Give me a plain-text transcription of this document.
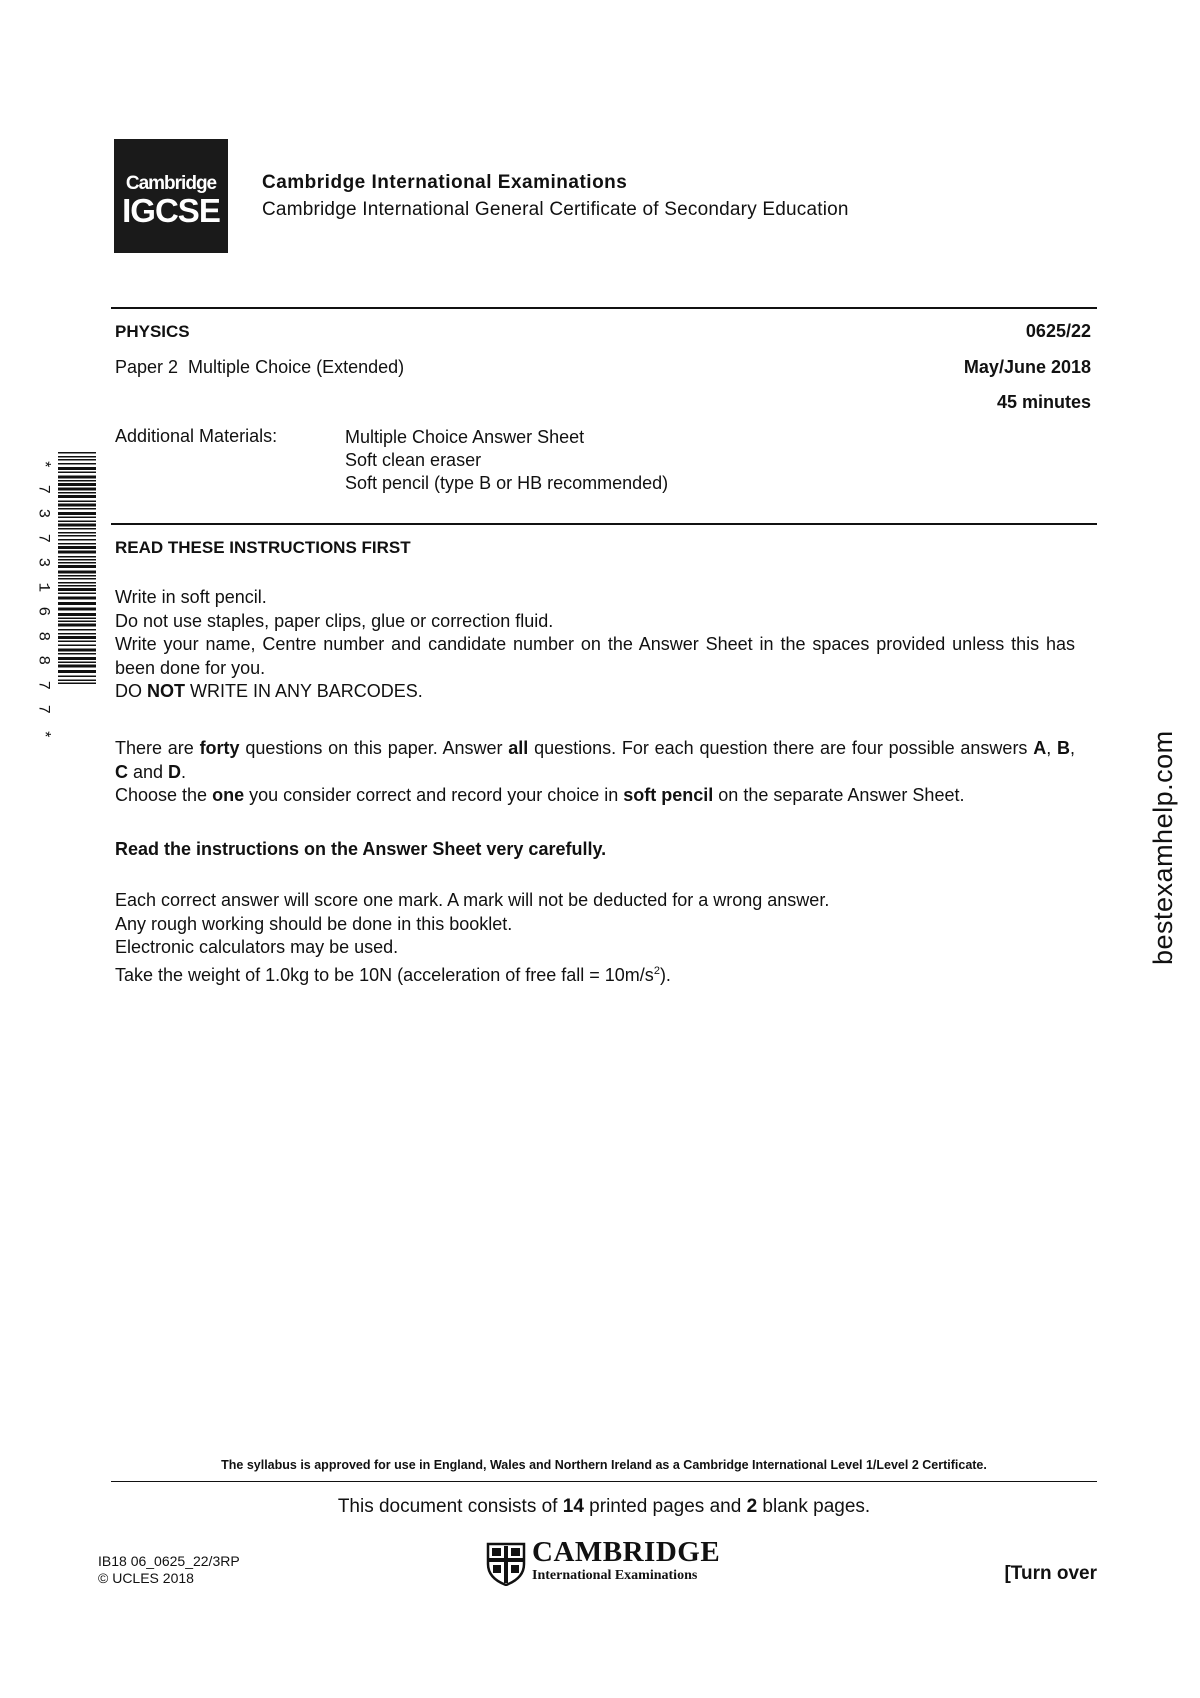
Cambridge
IGCSE
Cambridge International Examinations
Cambridge International General Certificate of Secondary Education
PHYSICS	0625/22
Paper 2  Multiple Choice (Extended)	May/June 2018
45 minutes
Additional Materials:	Multiple Choice Answer Sheet
Soft clean eraser
Soft pencil (type B or HB recommended)
*
7
3
7
3
1
6
8
8
7
7
*
READ THESE INSTRUCTIONS FIRST

Write in soft pencil.

Do not use staples, paper clips, glue or correction fluid.

Write your name, Centre number and candidate number on the Answer Sheet in the spaces provided unless this has been done for you.

DO NOT WRITE IN ANY BARCODES.

There are forty questions on this paper. Answer all questions. For each question there are four possible answers A, B, C and D.

Choose the one you consider correct and record your choice in soft pencil on the separate Answer Sheet.

Read the instructions on the Answer Sheet very carefully.

Each correct answer will score one mark. A mark will not be deducted for a wrong answer.

Any rough working should be done in this booklet.

Electronic calculators may be used.

Take the weight of 1.0kg to be 10N (acceleration of free fall = $10m/s^2$).

bestexamhelp.com
The syllabus is approved for use in England, Wales and Northern Ireland as a Cambridge International Level 1/Level 2 Certificate.
This document consists of 14 printed pages and 2 blank pages.
IB18 06_0625_22/3RP
© UCLES 2018
CAMBRIDGE
International Examinations	[Turn over
